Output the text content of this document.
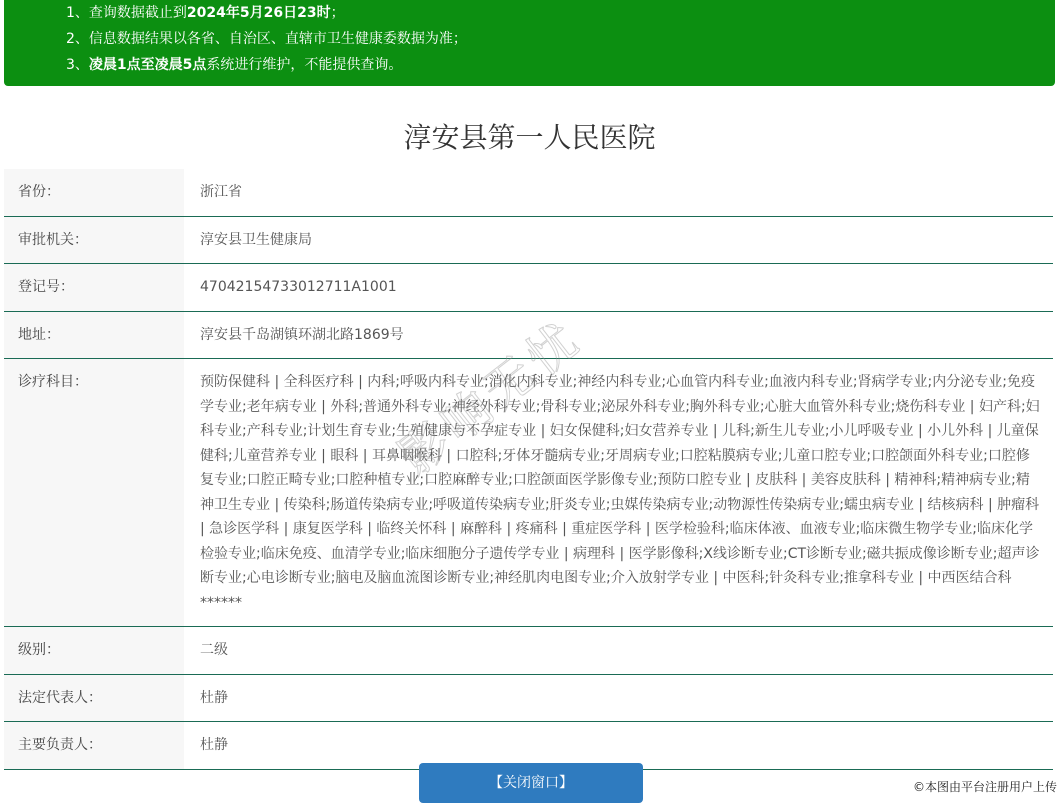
1、查询数据截止到2024年5月26日23时；
2、信息数据结果以各省、自治区、直辖市卫生健康委数据为准；
3、凌晨1点至凌晨5点系统进行维护，不能提供查询。
淳安县第一人民医院
省份：	浙江省
审批机关：	淳安县卫生健康局
登记号：	47042154733012711A1001
地址：	淳安县千岛湖镇环湖北路1869号
诊疗科目：	预防保健科 | 全科医疗科 | 内科;呼吸内科专业;消化内科专业;神经内科专业;心血管内科专业;血液内科专业;肾病学专业;内分泌专业;免疫学专业;老年病专业 | 外科;普通外科专业;神经外科专业;骨科专业;泌尿外科专业;胸外科专业;心脏大血管外科专业;烧伤科专业 | 妇产科;妇科专业;产科专业;计划生育专业;生殖健康与不孕症专业 | 妇女保健科;妇女营养专业 | 儿科;新生儿专业;小儿呼吸专业 | 小儿外科 | 儿童保健科;儿童营养专业 | 眼科 | 耳鼻咽喉科 | 口腔科;牙体牙髓病专业;牙周病专业;口腔粘膜病专业;儿童口腔专业;口腔颌面外科专业;口腔修复专业;口腔正畸专业;口腔种植专业;口腔麻醉专业;口腔颌面医学影像专业;预防口腔专业 | 皮肤科 | 美容皮肤科 | 精神科;精神病专业;精神卫生专业 | 传染科;肠道传染病专业;呼吸道传染病专业;肝炎专业;虫媒传染病专业;动物源性传染病专业;蠕虫病专业 | 结核病科 | 肿瘤科 | 急诊医学科 | 康复医学科 | 临终关怀科 | 麻醉科 | 疼痛科 | 重症医学科 | 医学检验科;临床体液、血液专业;临床微生物学专业;临床化学检验专业;临床免疫、血清学专业;临床细胞分子遗传学专业 | 病理科 | 医学影像科;X线诊断专业;CT诊断专业;磁共振成像诊断专业;超声诊断专业;心电诊断专业;脑电及脑血流图诊断专业;神经肌肉电图专业;介入放射学专业 | 中医科;针灸科专业;推拿科专业 | 中西医结合科******
级别：	二级
法定代表人：	杜静
主要负责人：	杜静
影响无忧
【关闭窗口】	©本图由平台注册用户上传
